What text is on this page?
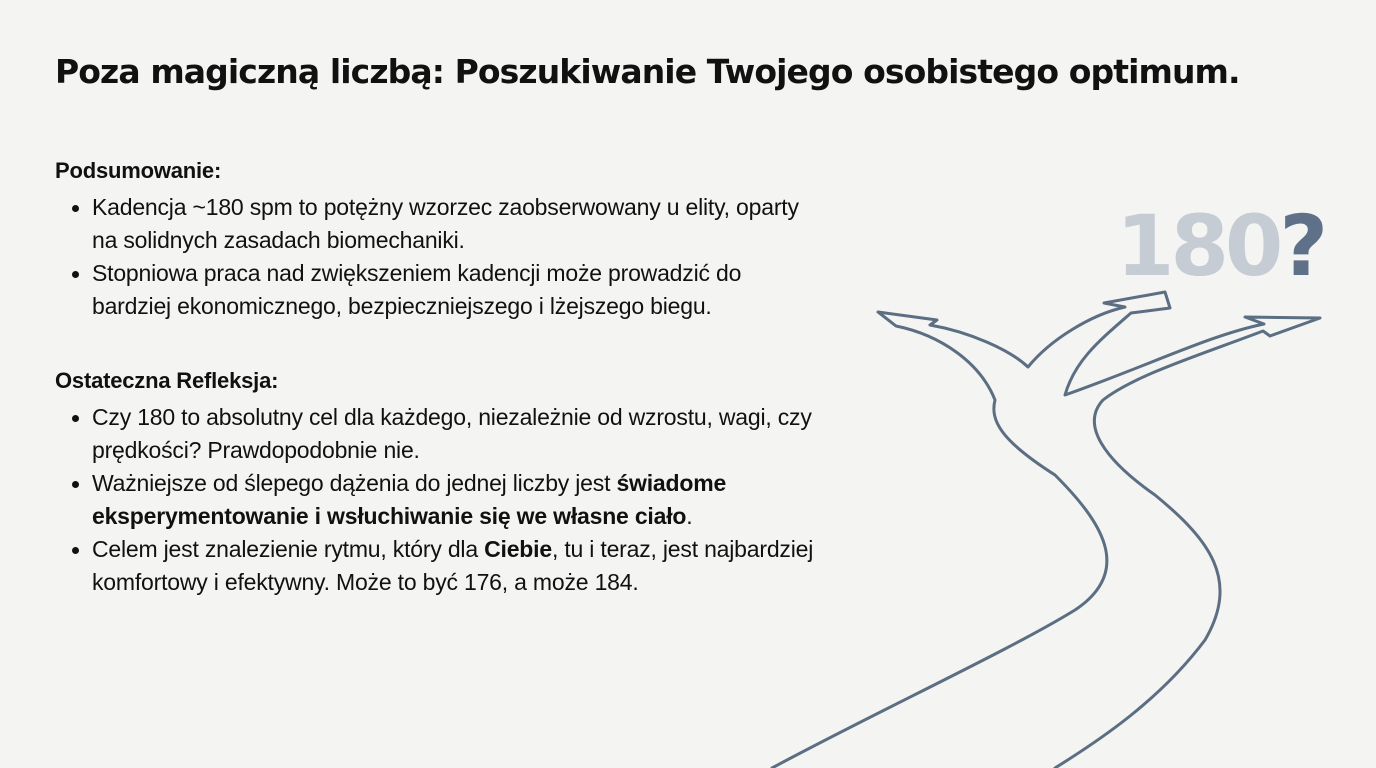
Poza magiczną liczbą: Poszukiwanie Twojego osobistego optimum.
Podsumowanie:
Kadencja ~180 spm to potężny wzorzec zaobserwowany u elity, oparty na solidnych zasadach biomechaniki.
Stopniowa praca nad zwiększeniem kadencji może prowadzić do bardziej ekonomicznego, bezpieczniejszego i lżejszego biegu.
Ostateczna Refleksja:
Czy 180 to absolutny cel dla każdego, niezależnie od wzrostu, wagi, czy prędkości? Prawdopodobnie nie.
Ważniejsze od ślepego dążenia do jednej liczby jest świadome eksperymentowanie i wsłuchiwanie się we własne ciało.
Celem jest znalezienie rytmu, który dla Ciebie, tu i teraz, jest najbardziej komfortowy i efektywny. Może to być 176, a może 184.
180?
